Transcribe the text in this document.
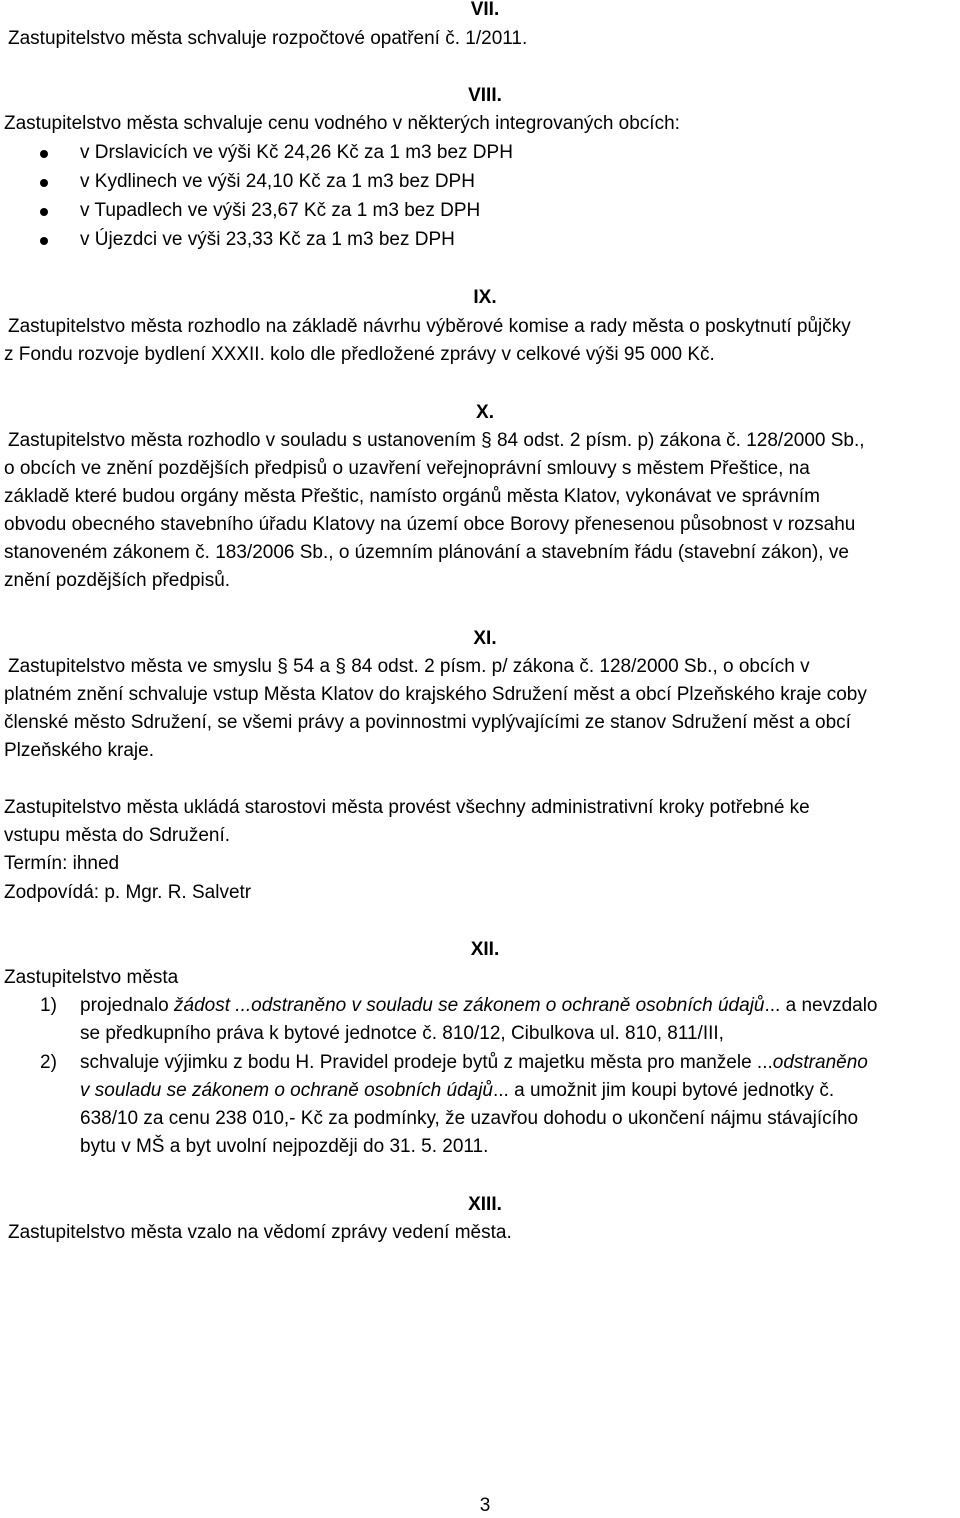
VII.
Zastupitelstvo města schvaluje rozpočtové opatření č. 1/2011.
VIII.
Zastupitelstvo města schvaluje cenu vodného v některých integrovaných obcích:
v Drslavicích ve výši Kč 24,26 Kč za 1 m3 bez DPH
v Kydlinech ve výši 24,10 Kč za 1 m3 bez DPH
v Tupadlech ve výši 23,67 Kč za 1 m3 bez DPH
v Újezdci ve výši 23,33 Kč za 1 m3 bez DPH
IX.
Zastupitelstvo města rozhodlo na základě návrhu výběrové komise a rady města o poskytnutí půjčky
z Fondu rozvoje bydlení XXXII. kolo dle předložené zprávy v celkové výši 95 000 Kč.
X.
Zastupitelstvo města rozhodlo v souladu s ustanovením § 84 odst. 2 písm. p) zákona č. 128/2000 Sb.,
o obcích ve znění pozdějších předpisů o uzavření veřejnoprávní smlouvy s městem Přeštice, na
základě které budou orgány města Přeštic, namísto orgánů města Klatov, vykonávat ve správním
obvodu obecného stavebního úřadu Klatovy na území obce Borovy přenesenou působnost v rozsahu
stanoveném zákonem č. 183/2006 Sb., o územním plánování a stavebním řádu (stavební zákon), ve
znění pozdějších předpisů.
XI.
Zastupitelstvo města ve smyslu § 54 a § 84 odst. 2 písm. p/ zákona č. 128/2000 Sb., o obcích v
platném znění schvaluje vstup Města Klatov do krajského Sdružení měst a obcí Plzeňského kraje coby
členské město Sdružení, se všemi právy a povinnostmi vyplývajícími ze stanov Sdružení měst a obcí
Plzeňského kraje.
Zastupitelstvo města ukládá starostovi města provést všechny administrativní kroky potřebné ke
vstupu města do Sdružení.
Termín: ihned
Zodpovídá: p. Mgr. R. Salvetr
XII.
Zastupitelstvo města
1) projednalo žádost ...odstraněno v souladu se zákonem o ochraně osobních údajů... a nevzdalo
se předkupního práva k bytové jednotce č. 810/12, Cibulkova ul. 810, 811/III,
2) schvaluje výjimku z bodu H. Pravidel prodeje bytů z majetku města pro manžele ...odstraněno
v souladu se zákonem o ochraně osobních údajů... a umožnit jim koupi bytové jednotky č.
638/10 za cenu 238 010,- Kč za podmínky, že uzavřou dohodu o ukončení nájmu stávajícího
bytu v MŠ a byt uvolní nejpozději do 31. 5. 2011.
XIII.
Zastupitelstvo města vzalo na vědomí zprávy vedení města.
3
